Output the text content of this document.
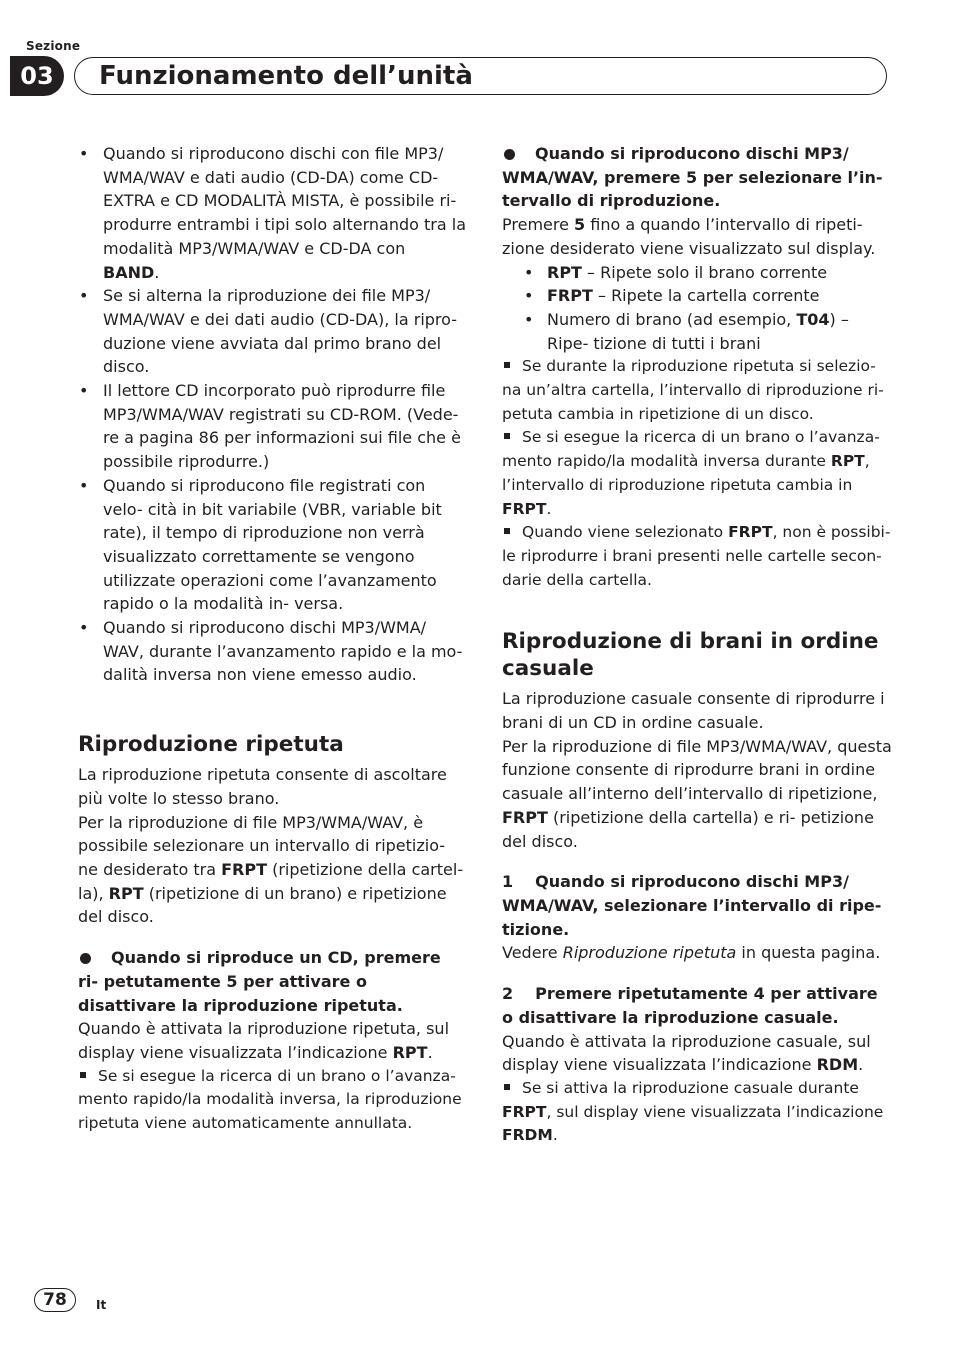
Sezione
03	Funzionamento dell’unità
• Quando si riproducono dischi con file MP3/ WMA/WAV e dati audio (CD-DA) come CD- EXTRA e CD MODALITÀ MISTA, è possibile ri- produrre entrambi i tipi solo alternando tra la modalità MP3/WMA/WAV e CD-DA con BAND.
• Se si alterna la riproduzione dei file MP3/ WMA/WAV e dei dati audio (CD-DA), la ripro- duzione viene avviata dal primo brano del disco.
• Il lettore CD incorporato può riprodurre file MP3/WMA/WAV registrati su CD-ROM. (Vede- re a pagina 86 per informazioni sui file che è possibile riprodurre.)
• Quando si riproducono file registrati con velo- cità in bit variabile (VBR, variable bit rate), il tempo di riproduzione non verrà visualizzato correttamente se vengono utilizzate operazioni come l’avanzamento rapido o la modalità in- versa.
• Quando si riproducono dischi MP3/WMA/ WAV, durante l’avanzamento rapido e la mo- dalità inversa non viene emesso audio.
Riproduzione ripetuta

La riproduzione ripetuta consente di ascoltare più volte lo stesso brano.

Per la riproduzione di file MP3/WMA/WAV, è possibile selezionare un intervallo di ripetizio- ne desiderato tra FRPT (ripetizione della cartel- la), RPT (ripetizione di un brano) e ripetizione del disco.

Quando si riproduce un CD, premere ri- petutamente 5 per attivare o disattivare la riproduzione ripetuta.

Quando è attivata la riproduzione ripetuta, sul display viene visualizzata l’indicazione RPT.

Se si esegue la ricerca di un brano o l’avanza- mento rapido/la modalità inversa, la riproduzione ripetuta viene automaticamente annullata.

Quando si riproducono dischi MP3/ WMA/WAV, premere 5 per selezionare l’in- tervallo di riproduzione.

Premere 5 fino a quando l’intervallo di ripeti- zione desiderato viene visualizzato sul display.

• RPT – Ripete solo il brano corrente
• FRPT – Ripete la cartella corrente
• Numero di brano (ad esempio, T04) – Ripe- tizione di tutti i brani

Se durante la riproduzione ripetuta si selezio- na un’altra cartella, l’intervallo di riproduzione ri- petuta cambia in ripetizione di un disco.

Se si esegue la ricerca di un brano o l’avanza- mento rapido/la modalità inversa durante RPT, l’intervallo di riproduzione ripetuta cambia in FRPT.

Quando viene selezionato FRPT, non è possibi- le riprodurre i brani presenti nelle cartelle secon- darie della cartella.

Riproduzione di brani in ordine casuale

La riproduzione casuale consente di riprodurre i brani di un CD in ordine casuale.

Per la riproduzione di file MP3/WMA/WAV, questa funzione consente di riprodurre brani in ordine casuale all’interno dell’intervallo di ripetizione, FRPT (ripetizione della cartella) e ri- petizione del disco.

1 Quando si riproducono dischi MP3/ WMA/WAV, selezionare l’intervallo di ripe- tizione.

Vedere Riproduzione ripetuta in questa pagina.

2 Premere ripetutamente 4 per attivare o disattivare la riproduzione casuale.

Quando è attivata la riproduzione casuale, sul display viene visualizzata l’indicazione RDM.

Se si attiva la riproduzione casuale durante FRPT, sul display viene visualizzata l’indicazione FRDM.

78	It
